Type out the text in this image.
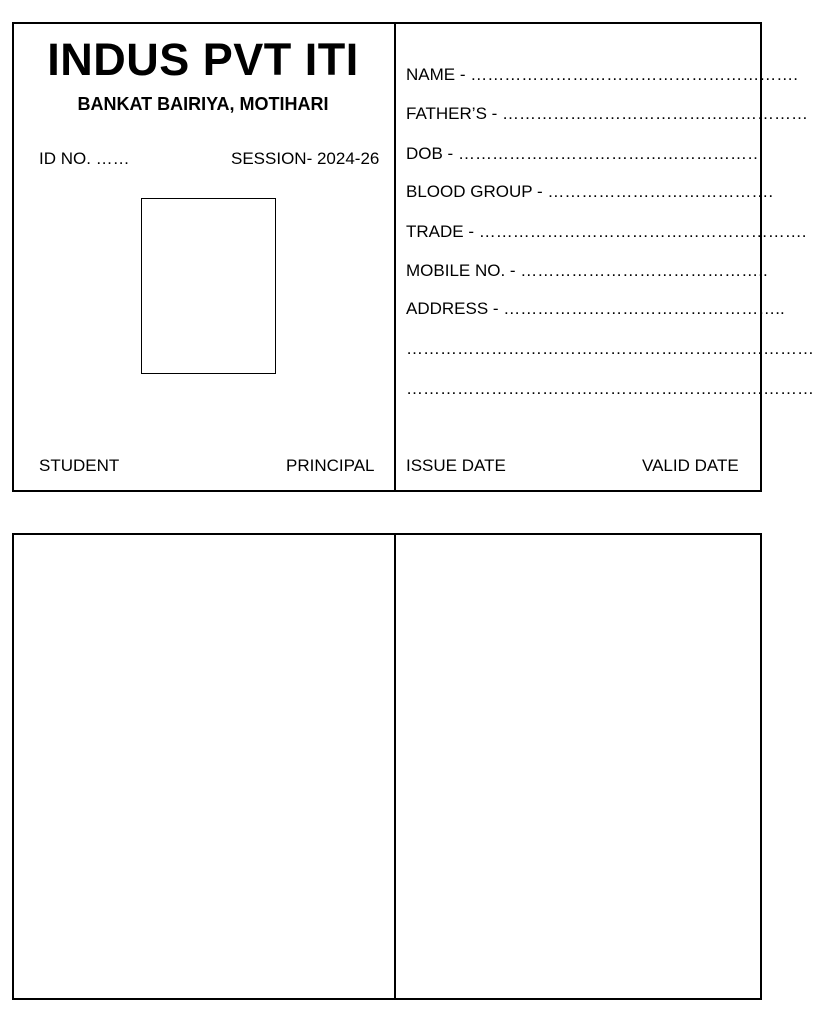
INDUS PVT ITI
BANKAT BAIRIYA, MOTIHARI
ID NO. ……	SESSION- 2024-26
STUDENT	PRINCIPAL
NAME - ………………………………………………….
FATHER’S - ………………………………………………
DOB - ………………………………………………
BLOOD GROUP - ………………………………….
TRADE - ………………………………………………….
MOBILE NO. - ……………………………………..
ADDRESS - …………………………………………..
………………………………………………………………
………………………………………………………………
ISSUE DATE	VALID DATE
